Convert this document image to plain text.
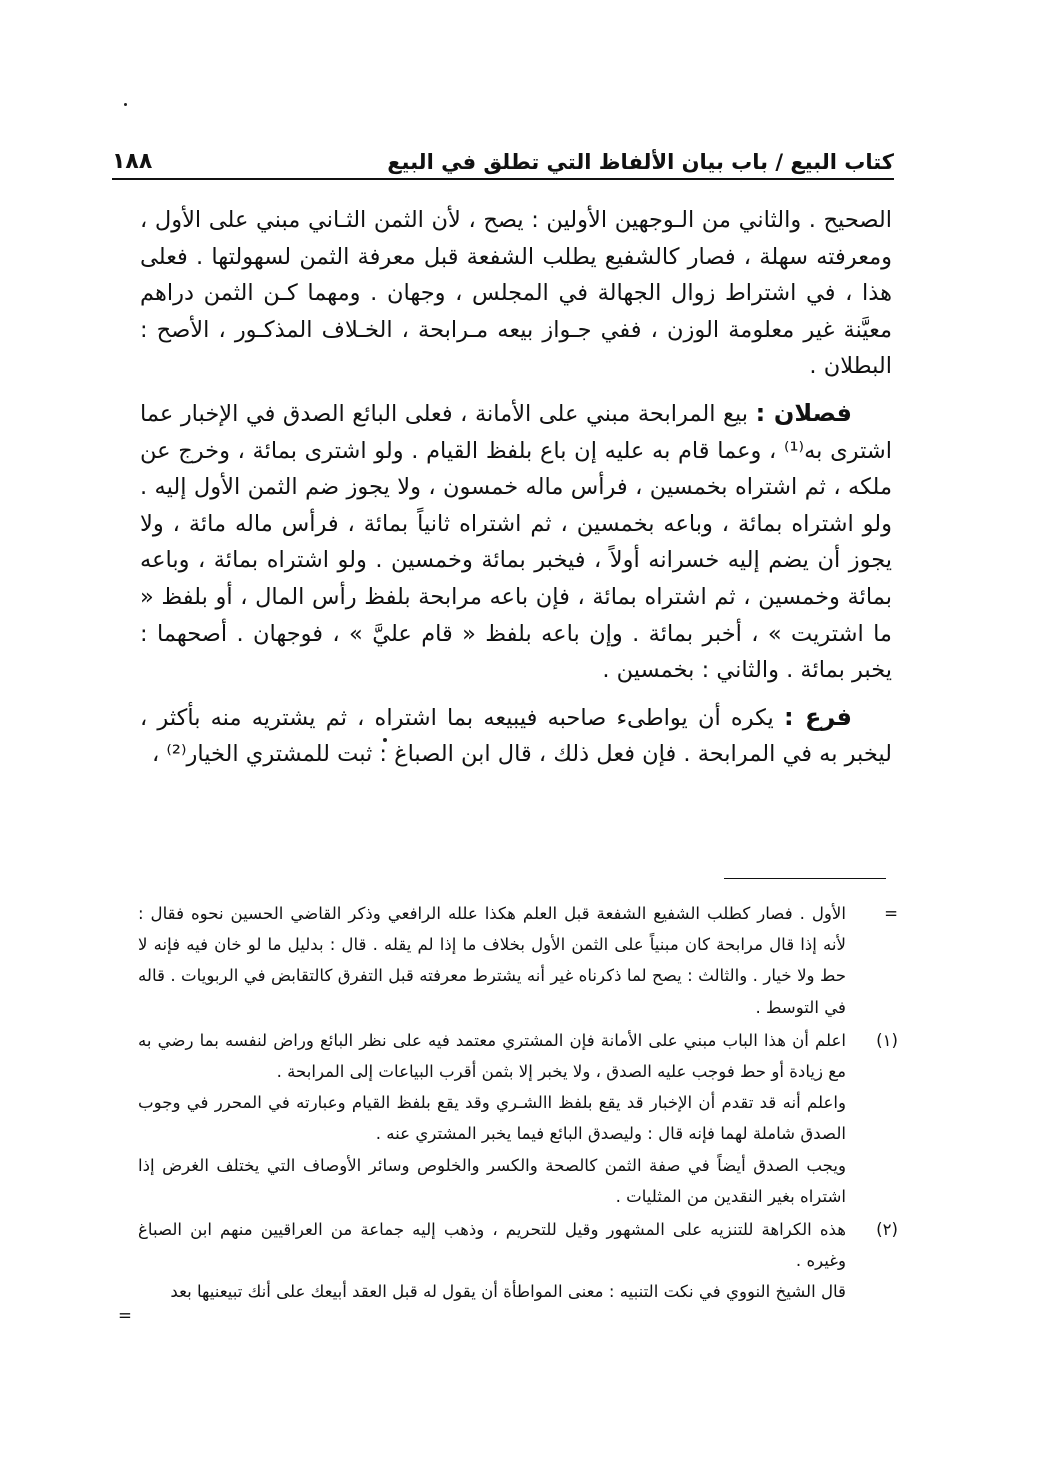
كتاب البيع / باب بيان الألفاظ التي تطلق في البيع
١٨٨

الصحيح . والثاني من الـوجهين الأولين : يصح ، لأن الثمن الثـاني مبني على الأول ، ومعرفته سهلة ، فصار كالشفيع يطلب الشفعة قبل معرفة الثمن لسهولتها . فعلى هذا ، في اشتراط زوال الجهالة في المجلس ، وجهان . ومهما كـن الثمن دراهم معيَّنة غير معلومة الوزن ، ففي جـواز بيعه مـرابحة ، الخـلاف المذكـور ، الأصح : البطلان .

فصلان : بيع المرابحة مبني على الأمانة ، فعلى البائع الصدق في الإخبار عما اشترى به⁽¹⁾ ، وعما قام به عليه إن باع بلفظ القيام . ولو اشترى بمائة ، وخرج عن ملكه ، ثم اشتراه بخمسين ، فرأس ماله خمسون ، ولا يجوز ضم الثمن الأول إليه . ولو اشتراه بمائة ، وباعه بخمسين ، ثم اشتراه ثانياً بمائة ، فرأس ماله مائة ، ولا يجوز أن يضم إليه خسرانه أولاً ، فيخبر بمائة وخمسين . ولو اشتراه بمائة ، وباعه بمائة وخمسين ، ثم اشتراه بمائة ، فإن باعه مرابحة بلفظ رأس المال ، أو بلفظ « ما اشتريت » ، أخبر بمائة . وإن باعه بلفظ « قام عليَّ » ، فوجهان . أصحهما : يخبر بمائة . والثاني : بخمسين .

فرع : يكره أن يواطىء صاحبه فيبيعه بما اشتراه ، ثم يشتريه منه بأكثر ، ليخبر به في المرابحة . فإن فعل ذلك ، قال ابن الصباغ : ثبت للمشتري الخيار⁽²⁾ ،

=
الأول . فصار كطلب الشفيع الشفعة قبل العلم هكذا علله الرافعي وذكر القاضي الحسين نحوه فقال : لأنه إذا قال مرابحة كان مبنياً على الثمن الأول بخلاف ما إذا لم يقله . قال : بدليل ما لو خان فيه فإنه لا حط ولا خيار . والثالث : يصح لما ذكرناه غير أنه يشترط معرفته قبل التفرق كالتقابض في الربويات . قاله في التوسط .
(١)
اعلم أن هذا الباب مبني على الأمانة فإن المشتري معتمد فيه على نظر البائع وراض لنفسه بما رضي به مع زيادة أو حط فوجب عليه الصدق ، ولا يخبر إلا بثمن أقرب البياعات إلى المرابحة .
واعلم أنه قد تقدم أن الإخبار قد يقع بلفظ االشـري وقد يقع بلفظ القيام وعبارته في المحرر في وجوب الصدق شاملة لهما فإنه قال : وليصدق البائع فيما يخبر المشتري عنه .
ويجب الصدق أيضاً في صفة الثمن كالصحة والكسر والخلوص وسائر الأوصاف التي يختلف الغرض إذا اشتراه بغير النقدين من المثليات .
(٢)
هذه الكراهة للتنزيه على المشهور وقيل للتحريم ، وذهب إليه جماعة من العراقيين منهم ابن الصباغ وغيره .
قال الشيخ النووي في نكت التنبيه : معنى المواطأة أن يقول له قبل العقد أبيعك على أنك تبيعنيها بعد
=
